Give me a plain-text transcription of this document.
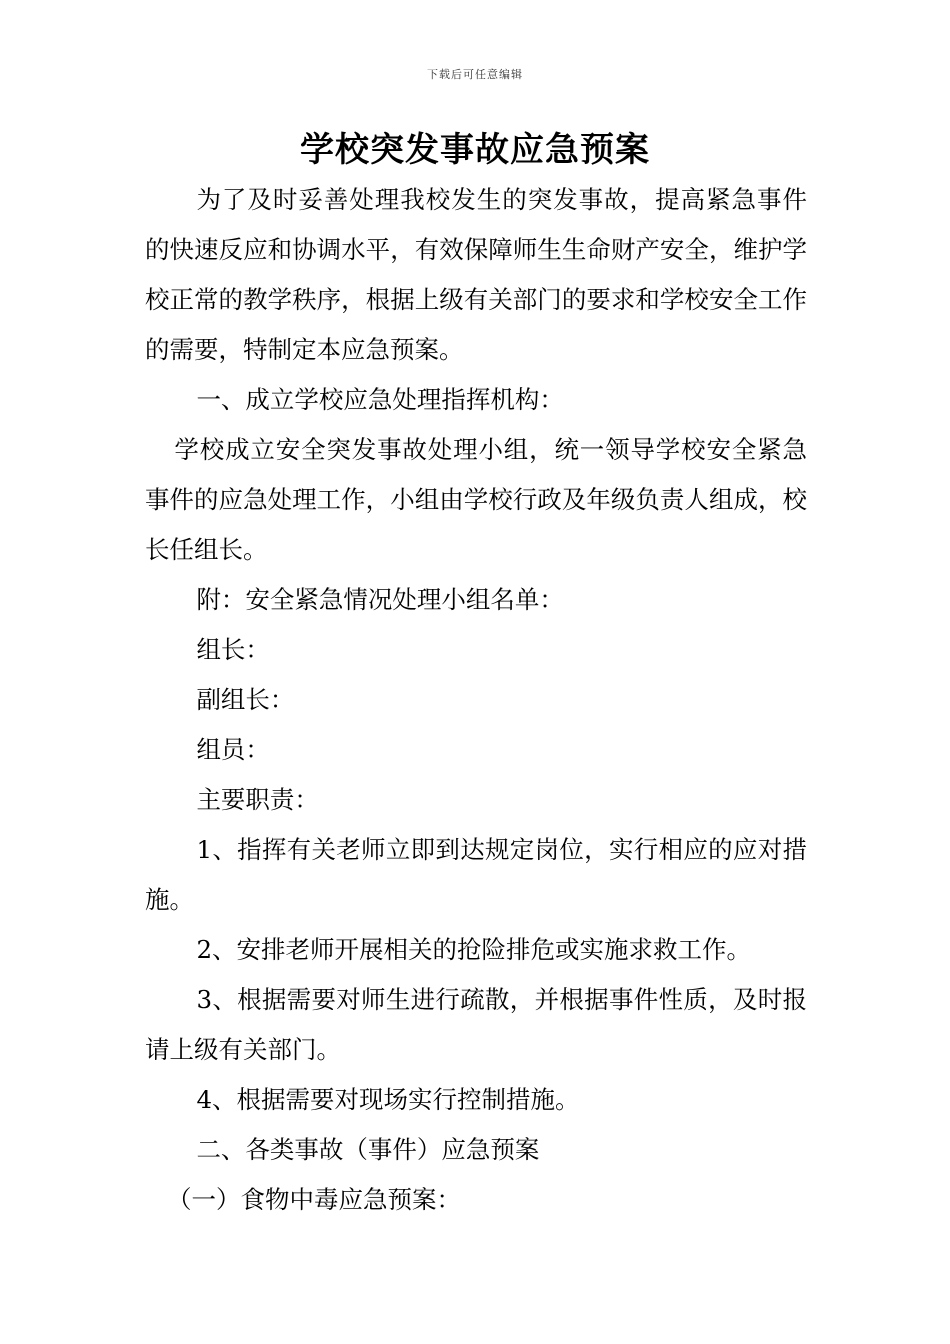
下载后可任意编辑
学校突发事故应急预案

为了及时妥善处理我校发生的突发事故，提高紧急事件的快速反应和协调水平，有效保障师生生命财产安全，维护学校正常的教学秩序，根据上级有关部门的要求和学校安全工作的需要，特制定本应急预案。

一、成立学校应急处理指挥机构：

学校成立安全突发事故处理小组，统一领导学校安全紧急事件的应急处理工作，小组由学校行政及年级负责人组成，校长任组长。

附：安全紧急情况处理小组名单：

组长：

副组长：

组员：

主要职责：

1、指挥有关老师立即到达规定岗位，实行相应的应对措施。

2、安排老师开展相关的抢险排危或实施求救工作。

3、根据需要对师生进行疏散，并根据事件性质，及时报请上级有关部门。

4、根据需要对现场实行控制措施。

二、各类事故（事件）应急预案

（一）食物中毒应急预案：
